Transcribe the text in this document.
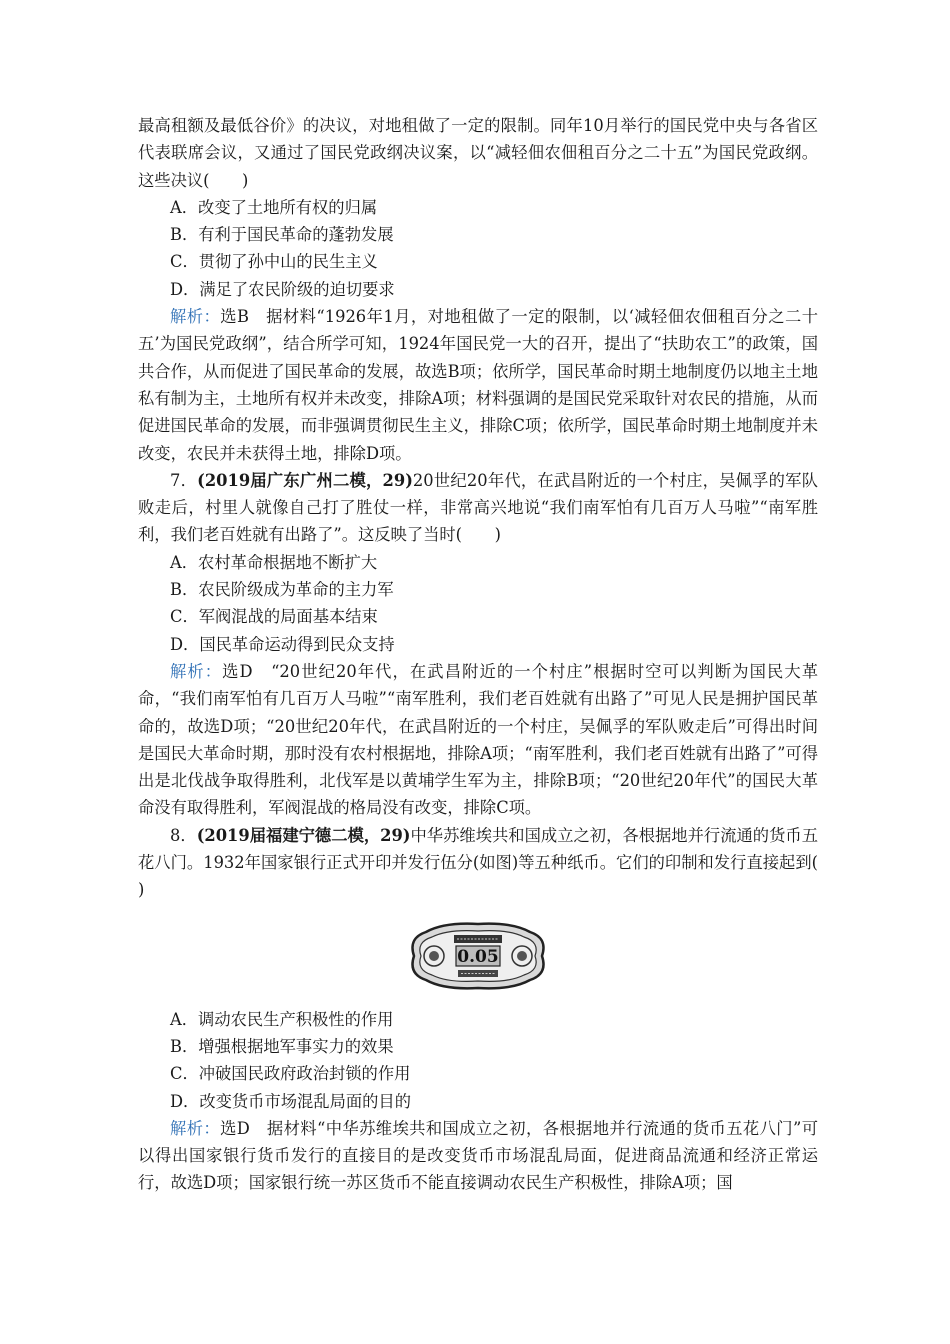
最高租额及最低谷价》的决议，对地租做了一定的限制。同年10月举行的国民党中央与各省区代表联席会议，又通过了国民党政纲决议案，以“减轻佃农佃租百分之二十五”为国民党政纲。这些决议(　　)

A．改变了土地所有权的归属

B．有利于国民革命的蓬勃发展

C．贯彻了孙中山的民生主义

D．满足了农民阶级的迫切要求

解析：选B　据材料“1926年1月，对地租做了一定的限制，以‘减轻佃农佃租百分之二十五’为国民党政纲”，结合所学可知，1924年国民党一大的召开，提出了“扶助农工”的政策，国共合作，从而促进了国民革命的发展，故选B项；依所学，国民革命时期土地制度仍以地主土地私有制为主，土地所有权并未改变，排除A项；材料强调的是国民党采取针对农民的措施，从而促进国民革命的发展，而非强调贯彻民生主义，排除C项；依所学，国民革命时期土地制度并未改变，农民并未获得土地，排除D项。

7．(2019届广东广州二模，29)20世纪20年代，在武昌附近的一个村庄，吴佩孚的军队败走后，村里人就像自己打了胜仗一样，非常高兴地说“我们南军怕有几百万人马啦”“南军胜利，我们老百姓就有出路了”。这反映了当时(　　)

A．农村革命根据地不断扩大

B．农民阶级成为革命的主力军

C．军阀混战的局面基本结束

D．国民革命运动得到民众支持

解析：选D　“20世纪20年代，在武昌附近的一个村庄”根据时空可以判断为国民大革命，“我们南军怕有几百万人马啦”“南军胜利，我们老百姓就有出路了”可见人民是拥护国民革命的，故选D项；“20世纪20年代，在武昌附近的一个村庄，吴佩孚的军队败走后”可得出时间是国民大革命时期，那时没有农村根据地，排除A项；“南军胜利，我们老百姓就有出路了”可得出是北伐战争取得胜利，北伐军是以黄埔学生军为主，排除B项；“20世纪20年代”的国民大革命没有取得胜利，军阀混战的格局没有改变，排除C项。

8．(2019届福建宁德二模，29)中华苏维埃共和国成立之初，各根据地并行流通的货币五花八门。1932年国家银行正式开印并发行伍分(如图)等五种纸币。它们的印制和发行直接起到(　　)

0.05

A．调动农民生产积极性的作用

B．增强根据地军事实力的效果

C．冲破国民政府政治封锁的作用

D．改变货币市场混乱局面的目的

解析：选D　据材料“中华苏维埃共和国成立之初，各根据地并行流通的货币五花八门”可以得出国家银行货币发行的直接目的是改变货币市场混乱局面，促进商品流通和经济正常运行，故选D项；国家银行统一苏区货币不能直接调动农民生产积极性，排除A项；国
